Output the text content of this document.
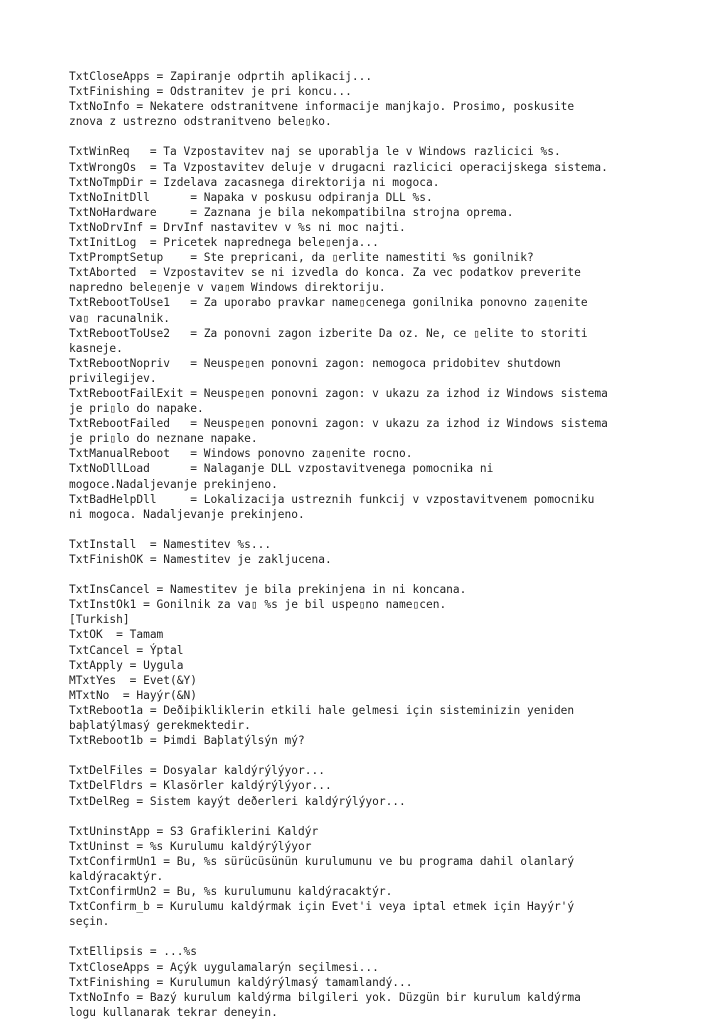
TxtCloseApps = Zapiranje odprtih aplikacij...
TxtFinishing = Odstranitev je pri koncu...
TxtNoInfo = Nekatere odstranitvene informacije manjkajo. Prosimo, poskusite
znova z ustrezno odstranitveno bele▯ko.
TxtWinReq   = Ta Vzpostavitev naj se uporablja le v Windows razlicici %s.
TxtWrongOs  = Ta Vzpostavitev deluje v drugacni razlicici operacijskega sistema.
TxtNoTmpDir = Izdelava zacasnega direktorija ni mogoca.
TxtNoInitDll      = Napaka v poskusu odpiranja DLL %s.
TxtNoHardware     = Zaznana je bila nekompatibilna strojna oprema.
TxtNoDrvInf = DrvInf nastavitev v %s ni moc najti.
TxtInitLog  = Pricetek naprednega bele▯enja...
TxtPromptSetup    = Ste prepricani, da ▯erlite namestiti %s gonilnik?
TxtAborted  = Vzpostavitev se ni izvedla do konca. Za vec podatkov preverite
napredno bele▯enje v va▯em Windows direktoriju.
TxtRebootToUse1   = Za uporabo pravkar name▯cenega gonilnika ponovno za▯enite
va▯ racunalnik.
TxtRebootToUse2   = Za ponovni zagon izberite Da oz. Ne, ce ▯elite to storiti
kasneje.
TxtRebootNopriv   = Neuspe▯en ponovni zagon: nemogoca pridobitev shutdown
privilegijev.
TxtRebootFailExit = Neuspe▯en ponovni zagon: v ukazu za izhod iz Windows sistema
je pri▯lo do napake.
TxtRebootFailed   = Neuspe▯en ponovni zagon: v ukazu za izhod iz Windows sistema
je pri▯lo do neznane napake.
TxtManualReboot   = Windows ponovno za▯enite rocno.
TxtNoDllLoad      = Nalaganje DLL vzpostavitvenega pomocnika ni
mogoce.Nadaljevanje prekinjeno.
TxtBadHelpDll     = Lokalizacija ustreznih funkcij v vzpostavitvenem pomocniku
ni mogoca. Nadaljevanje prekinjeno.
TxtInstall  = Namestitev %s...
TxtFinishOK = Namestitev je zakljucena.
TxtInsCancel = Namestitev je bila prekinjena in ni koncana.
TxtInstOk1 = Gonilnik za va▯ %s je bil uspe▯no name▯cen.
[Turkish]
TxtOK  = Tamam
TxtCancel = Ýptal
TxtApply = Uygula
MTxtYes  = Evet(&Y)
MTxtNo  = Hayýr(&N)
TxtReboot1a = Deðiþikliklerin etkili hale gelmesi için sisteminizin yeniden
baþlatýlmasý gerekmektedir.
TxtReboot1b = Þimdi Baþlatýlsýn mý?
TxtDelFiles = Dosyalar kaldýrýlýyor...
TxtDelFldrs = Klasörler kaldýrýlýyor...
TxtDelReg = Sistem kayýt deðerleri kaldýrýlýyor...
TxtUninstApp = S3 Grafiklerini Kaldýr
TxtUninst = %s Kurulumu kaldýrýlýyor
TxtConfirmUn1 = Bu, %s sürücüsünün kurulumunu ve bu programa dahil olanlarý
kaldýracaktýr.
TxtConfirmUn2 = Bu, %s kurulumunu kaldýracaktýr.
TxtConfirm_b = Kurulumu kaldýrmak için Evet'i veya iptal etmek için Hayýr'ý
seçin.
TxtEllipsis = ...%s
TxtCloseApps = Açýk uygulamalarýn seçilmesi...
TxtFinishing = Kurulumun kaldýrýlmasý tamamlandý...
TxtNoInfo = Bazý kurulum kaldýrma bilgileri yok. Düzgün bir kurulum kaldýrma
logu kullanarak tekrar deneyin.
